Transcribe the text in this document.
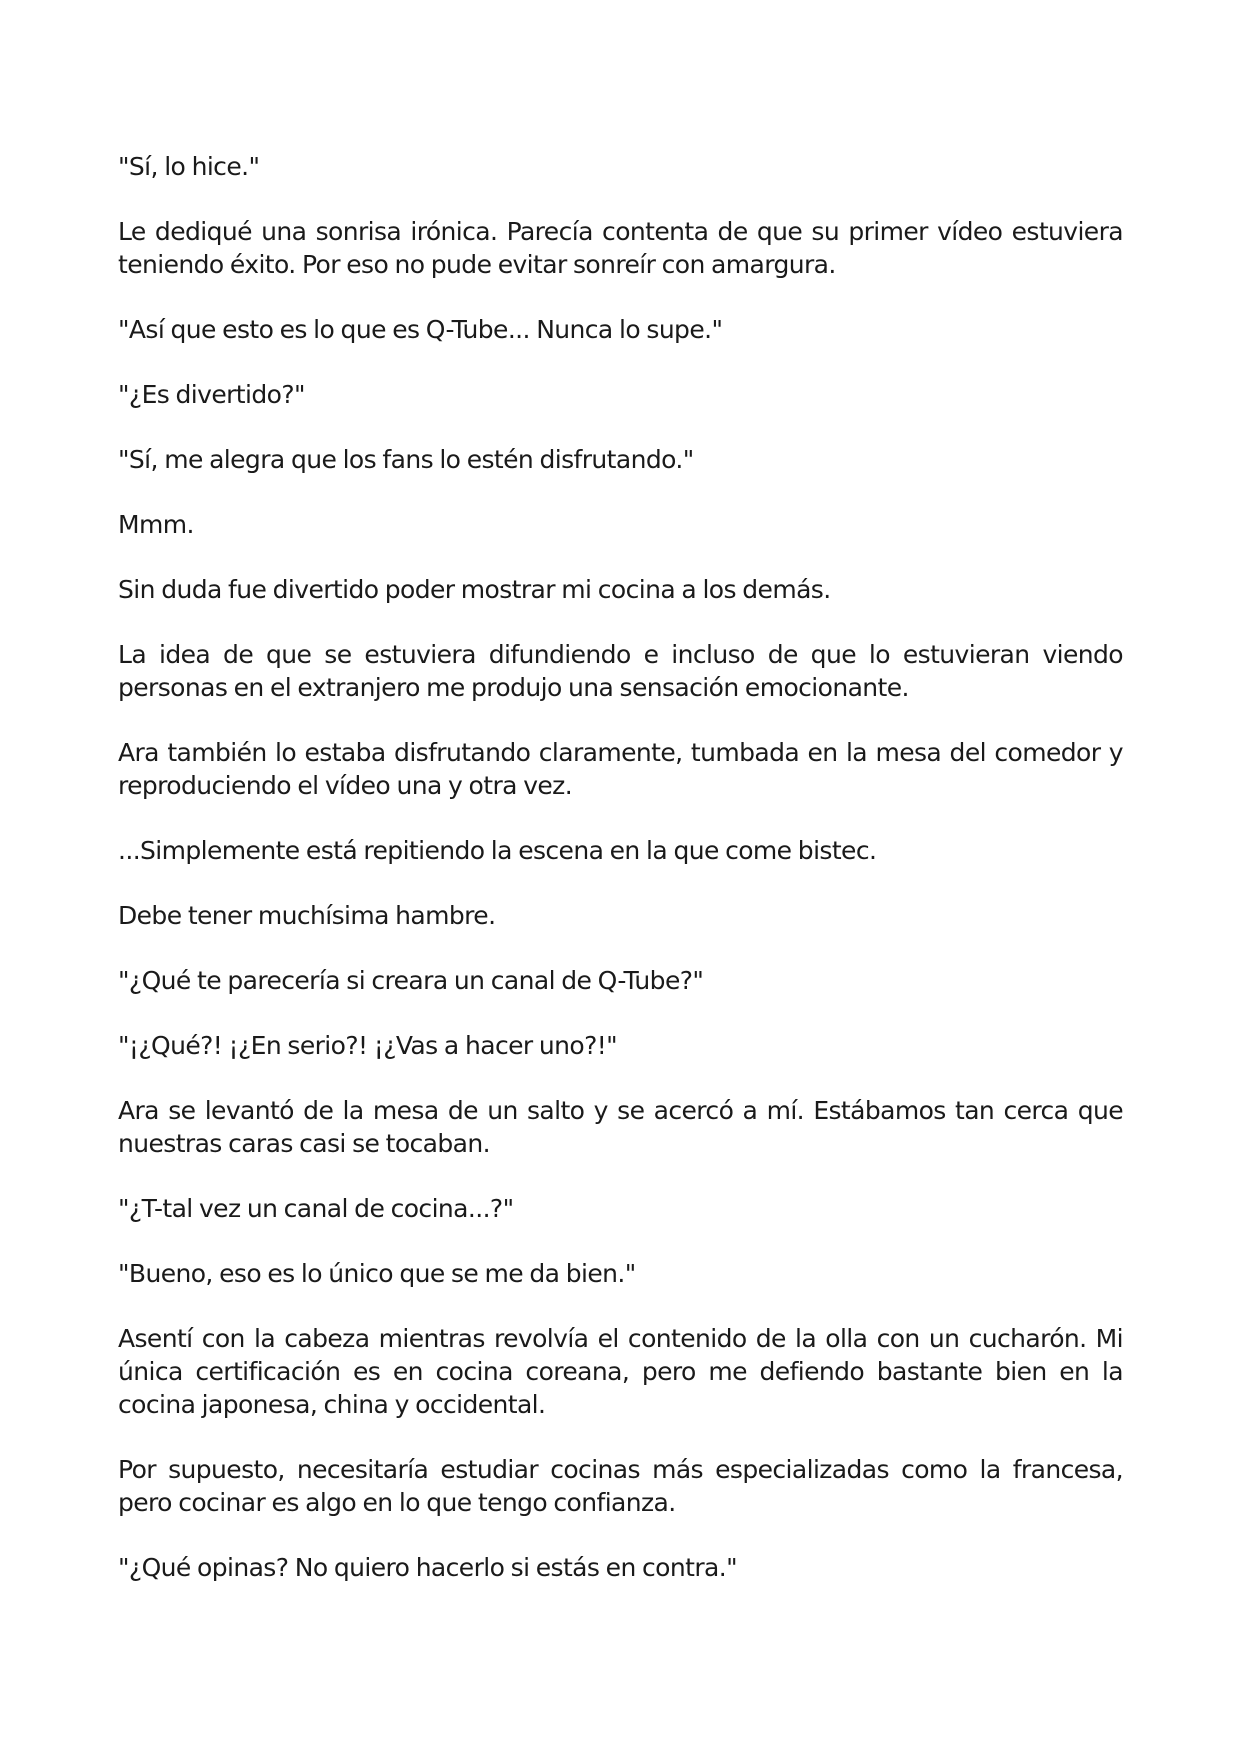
"Sí, lo hice."

Le dediqué una sonrisa irónica. Parecía contenta de que su primer vídeo estuviera teniendo éxito. Por eso no pude evitar sonreír con amargura.

"Así que esto es lo que es Q-Tube... Nunca lo supe."

"¿Es divertido?"

"Sí, me alegra que los fans lo estén disfrutando."

Mmm.

Sin duda fue divertido poder mostrar mi cocina a los demás.

La idea de que se estuviera difundiendo e incluso de que lo estuvieran viendo personas en el extranjero me produjo una sensación emocionante.

Ara también lo estaba disfrutando claramente, tumbada en la mesa del comedor y reproduciendo el vídeo una y otra vez.

...Simplemente está repitiendo la escena en la que come bistec.

Debe tener muchísima hambre.

"¿Qué te parecería si creara un canal de Q-Tube?"

"¡¿Qué?! ¡¿En serio?! ¡¿Vas a hacer uno?!"

Ara se levantó de la mesa de un salto y se acercó a mí. Estábamos tan cerca que nuestras caras casi se tocaban.

"¿T-tal vez un canal de cocina...?"

"Bueno, eso es lo único que se me da bien."

Asentí con la cabeza mientras revolvía el contenido de la olla con un cucharón. Mi única certificación es en cocina coreana, pero me defiendo bastante bien en la cocina japonesa, china y occidental.

Por supuesto, necesitaría estudiar cocinas más especializadas como la francesa, pero cocinar es algo en lo que tengo confianza.

"¿Qué opinas? No quiero hacerlo si estás en contra."
